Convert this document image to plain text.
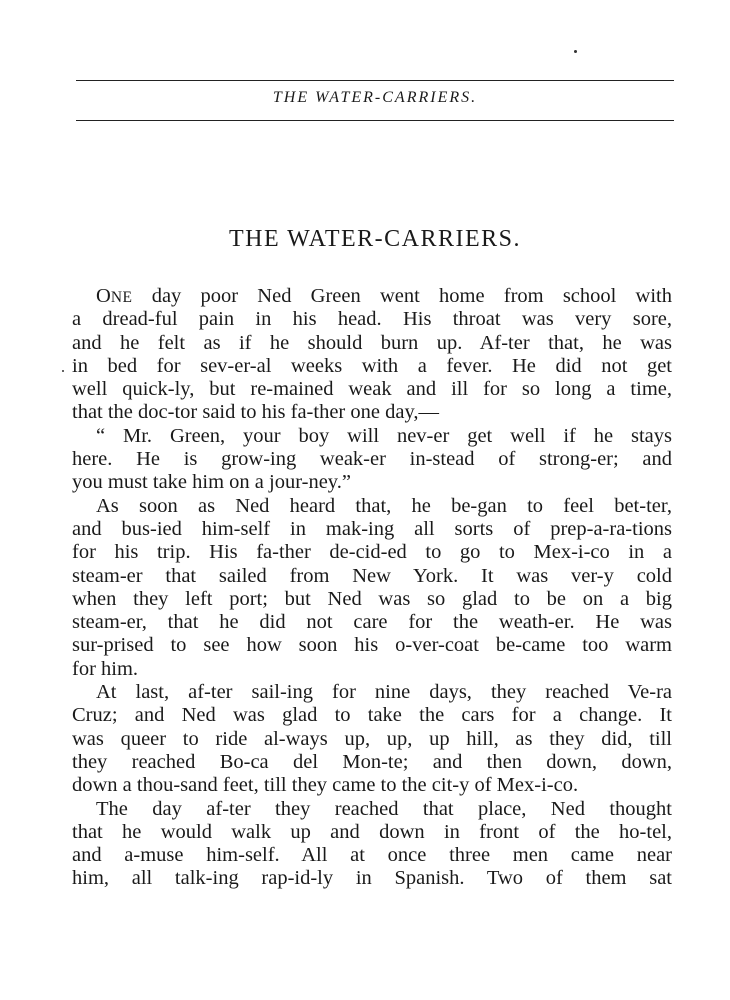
THE WATER-CARRIERS.
THE WATER-CARRIERS.
ONE day poor Ned Green went home from school with
a dread-ful pain in his head. His throat was very sore,
and he felt as if he should burn up. Af-ter that, he was
in bed for sev-er-al weeks with a fever. He did not get
well quick-ly, but re-mained weak and ill for so long a time,
that the doc-tor said to his fa-ther one day,—
“ Mr. Green, your boy will nev-er get well if he stays
here. He is grow-ing weak-er in-stead of strong-er; and
you must take him on a jour-ney.”
As soon as Ned heard that, he be-gan to feel bet-ter,
and bus-ied him-self in mak-ing all sorts of prep-a-ra-tions
for his trip. His fa-ther de-cid-ed to go to Mex-i-co in a
steam-er that sailed from New York. It was ver-y cold
when they left port; but Ned was so glad to be on a big
steam-er, that he did not care for the weath-er. He was
sur-prised to see how soon his o-ver-coat be-came too warm
for him.
At last, af-ter sail-ing for nine days, they reached Ve-ra
Cruz; and Ned was glad to take the cars for a change. It
was queer to ride al-ways up, up, up hill, as they did, till
they reached Bo-ca del Mon-te; and then down, down,
down a thou-sand feet, till they came to the cit-y of Mex-i-co.
The day af-ter they reached that place, Ned thought
that he would walk up and down in front of the ho-tel,
and a-muse him-self. All at once three men came near
him, all talk-ing rap-id-ly in Spanish. Two of them sat
